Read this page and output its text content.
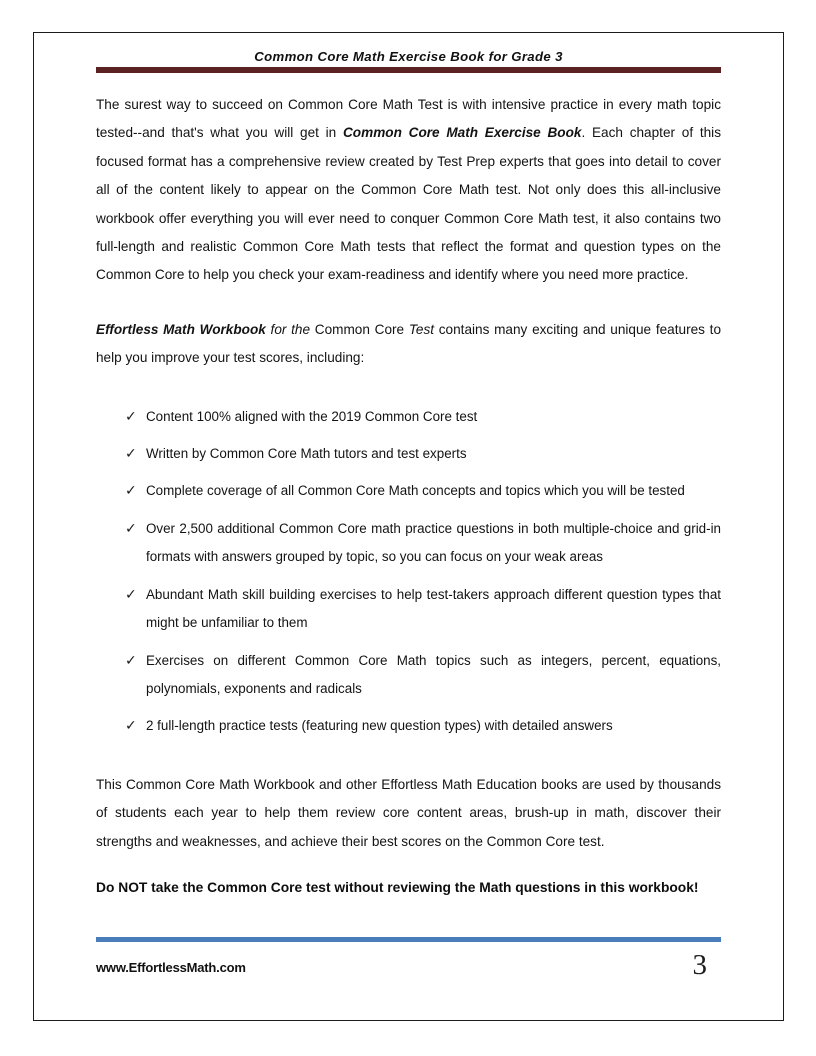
Common Core Math Exercise Book for Grade 3

The surest way to succeed on Common Core Math Test is with intensive practice in every math topic tested--and that's what you will get in Common Core Math Exercise Book. Each chapter of this focused format has a comprehensive review created by Test Prep experts that goes into detail to cover all of the content likely to appear on the Common Core Math test. Not only does this all-inclusive workbook offer everything you will ever need to conquer Common Core Math test, it also contains two full-length and realistic Common Core Math tests that reflect the format and question types on the Common Core to help you check your exam-readiness and identify where you need more practice.

Effortless Math Workbook for the Common Core Test contains many exciting and unique features to help you improve your test scores, including:

✓ Content 100% aligned with the 2019 Common Core test
✓ Written by Common Core Math tutors and test experts
✓ Complete coverage of all Common Core Math concepts and topics which you will be tested
✓ Over 2,500 additional Common Core math practice questions in both multiple-choice and grid-in formats with answers grouped by topic, so you can focus on your weak areas
✓ Abundant Math skill building exercises to help test-takers approach different question types that might be unfamiliar to them
✓ Exercises on different Common Core Math topics such as integers, percent, equations, polynomials, exponents and radicals
✓ 2 full-length practice tests (featuring new question types) with detailed answers

This Common Core Math Workbook and other Effortless Math Education books are used by thousands of students each year to help them review core content areas, brush-up in math, discover their strengths and weaknesses, and achieve their best scores on the Common Core test.

Do NOT take the Common Core test without reviewing the Math questions in this workbook!

www.EffortlessMath.com	3
